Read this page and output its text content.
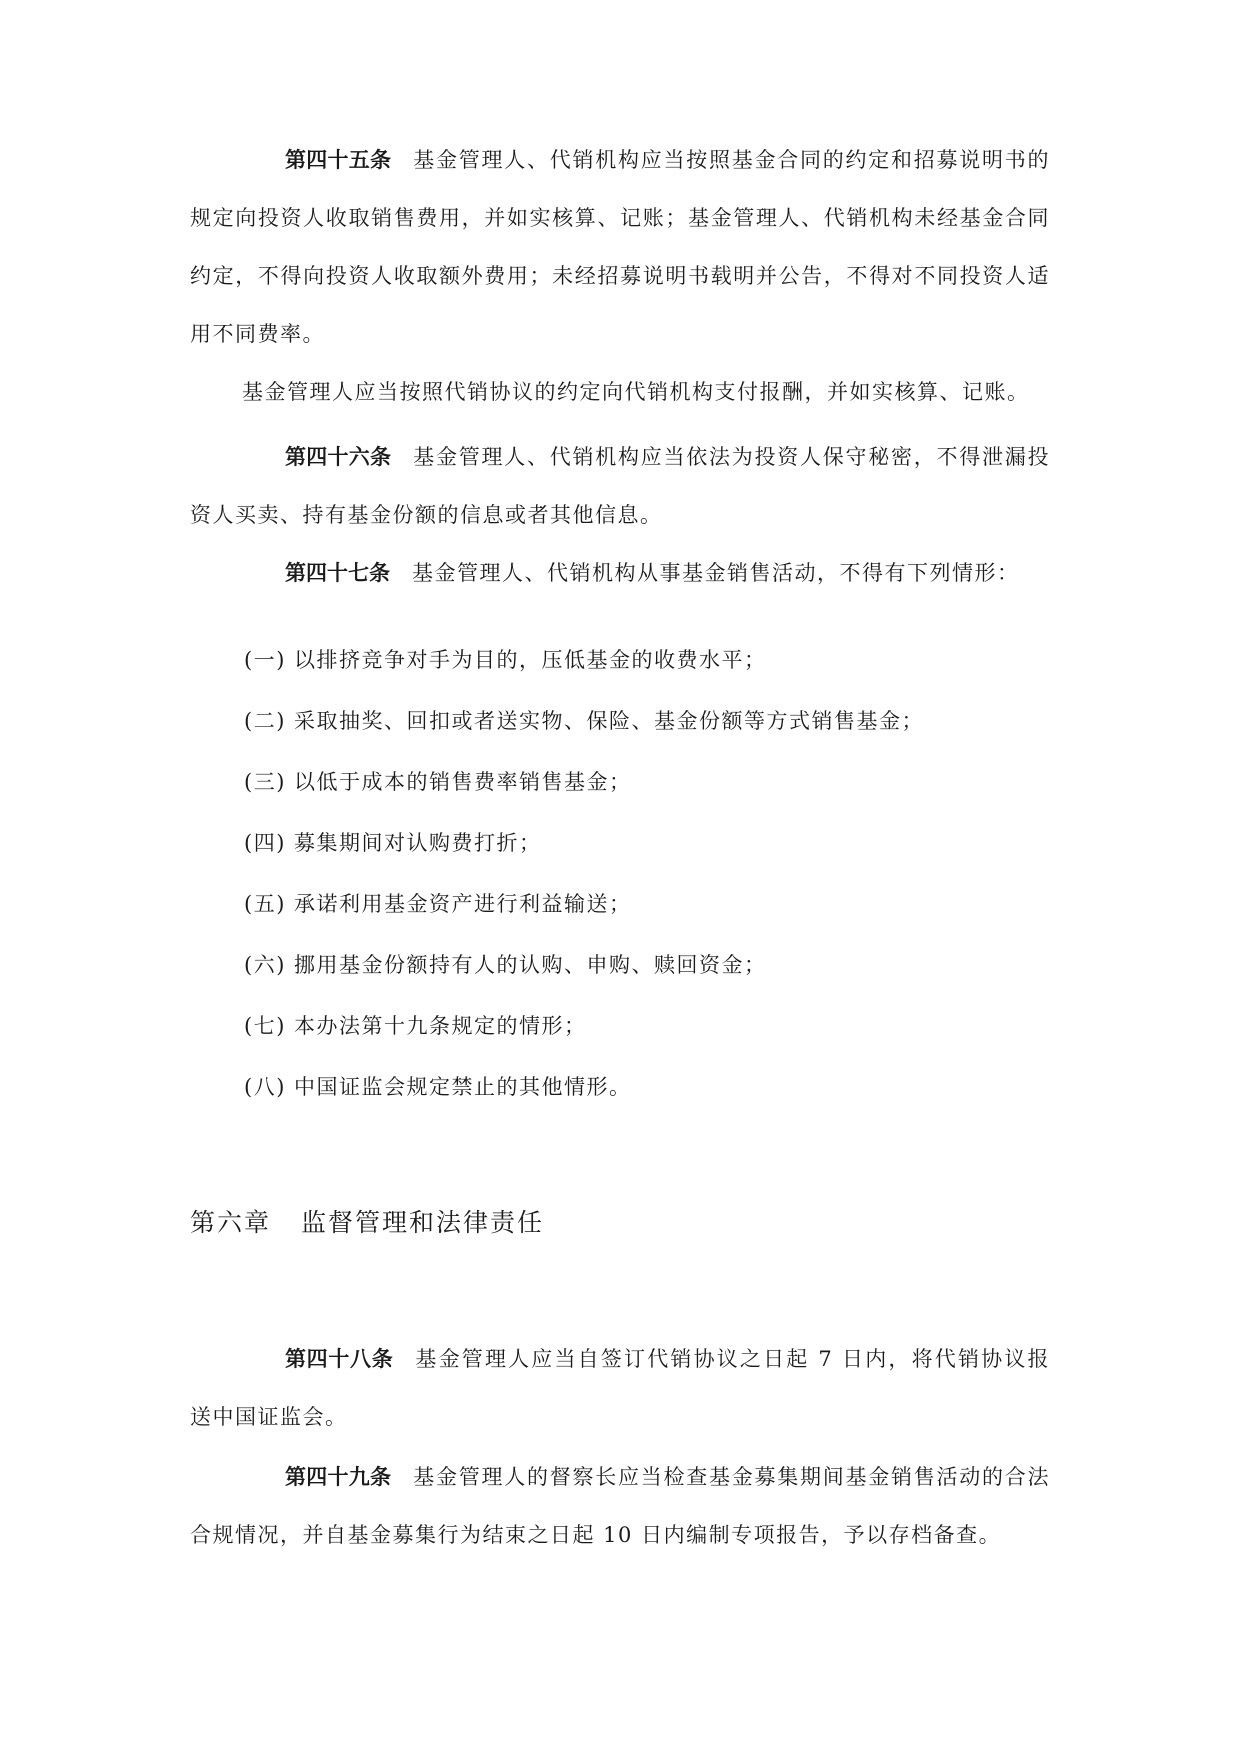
第四十五条 基金管理人、代销机构应当按照基金合同的约定和招募说明书的规定向投资人收取销售费用，并如实核算、记账；基金管理人、代销机构未经基金合同约定，不得向投资人收取额外费用；未经招募说明书载明并公告，不得对不同投资人适用不同费率。

基金管理人应当按照代销协议的约定向代销机构支付报酬，并如实核算、记账。

第四十六条 基金管理人、代销机构应当依法为投资人保守秘密，不得泄漏投资人买卖、持有基金份额的信息或者其他信息。

第四十七条 基金管理人、代销机构从事基金销售活动，不得有下列情形：

(一) 以排挤竞争对手为目的，压低基金的收费水平；
(二) 采取抽奖、回扣或者送实物、保险、基金份额等方式销售基金；
(三) 以低于成本的销售费率销售基金；
(四) 募集期间对认购费打折；
(五) 承诺利用基金资产进行利益输送；
(六) 挪用基金份额持有人的认购、申购、赎回资金；
(七) 本办法第十九条规定的情形；
(八) 中国证监会规定禁止的其他情形。
第六章 监督管理和法律责任

第四十八条 基金管理人应当自签订代销协议之日起 7 日内，将代销协议报送中国证监会。

第四十九条 基金管理人的督察长应当检查基金募集期间基金销售活动的合法合规情况，并自基金募集行为结束之日起 10 日内编制专项报告，予以存档备查。
